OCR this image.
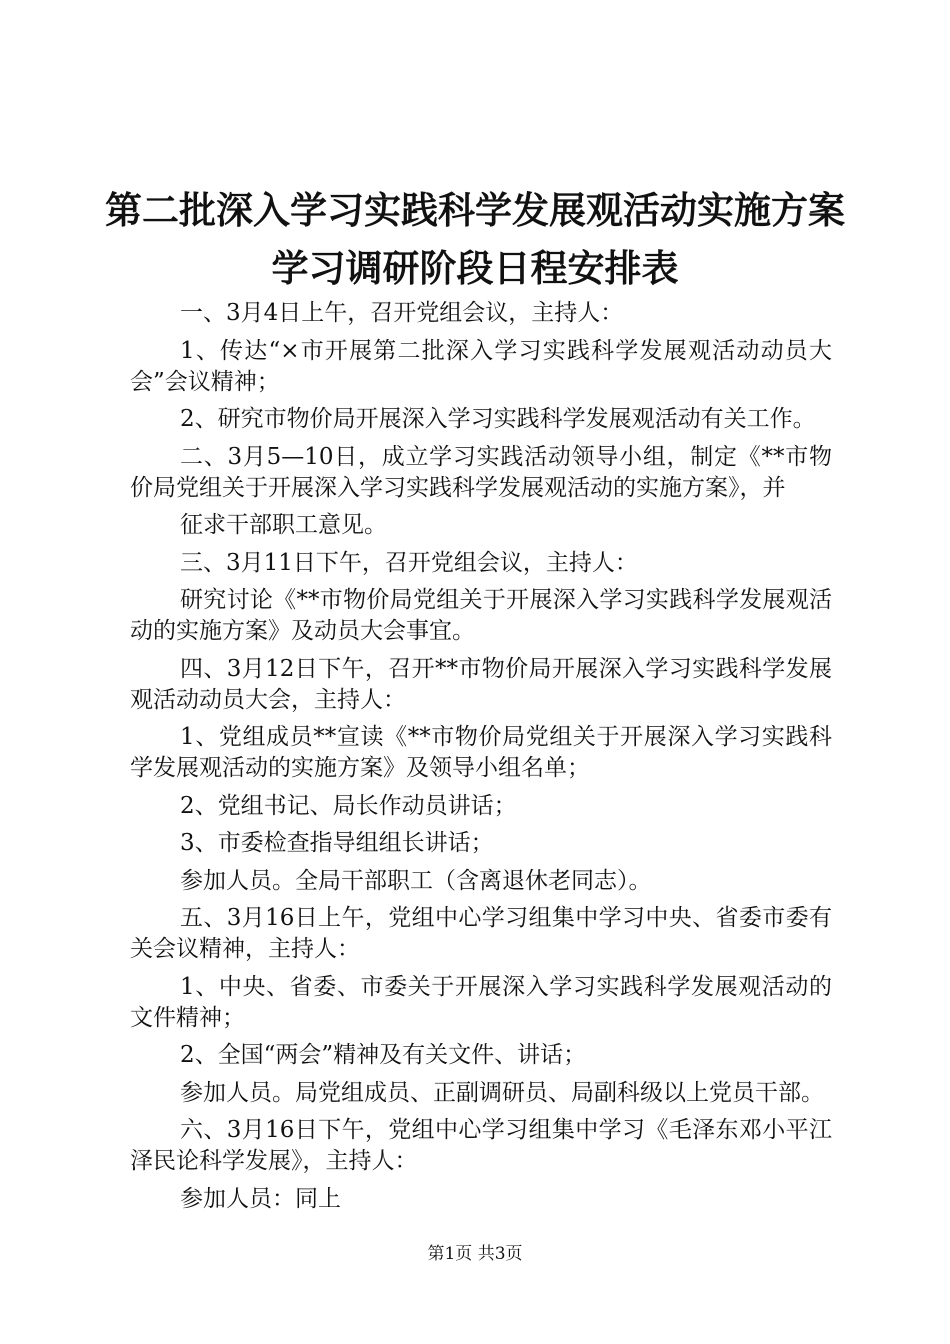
第二批深入学习实践科学发展观活动实施方案
学习调研阶段日程安排表

一、3月4日上午，召开党组会议，主持人：

1、传达“×市开展第二批深入学习实践科学发展观活动动员大会”会议精神；

2、研究市物价局开展深入学习实践科学发展观活动有关工作。

二、3月5—10日，成立学习实践活动领导小组，制定《**市物价局党组关于开展深入学习实践科学发展观活动的实施方案》，并

征求干部职工意见。

三、3月11日下午，召开党组会议，主持人：

研究讨论《**市物价局党组关于开展深入学习实践科学发展观活动的实施方案》及动员大会事宜。

四、3月12日下午，召开**市物价局开展深入学习实践科学发展观活动动员大会，主持人：

1、党组成员**宣读《**市物价局党组关于开展深入学习实践科学发展观活动的实施方案》及领导小组名单；

2、党组书记、局长作动员讲话；

3、市委检查指导组组长讲话；

参加人员。全局干部职工（含离退休老同志）。

五、3月16日上午，党组中心学习组集中学习中央、省委市委有关会议精神，主持人：

1、中央、省委、市委关于开展深入学习实践科学发展观活动的文件精神；

2、全国“两会”精神及有关文件、讲话；

参加人员。局党组成员、正副调研员、局副科级以上党员干部。

六、3月16日下午，党组中心学习组集中学习《毛泽东邓小平江泽民论科学发展》，主持人：

参加人员：同上

第1页 共3页
